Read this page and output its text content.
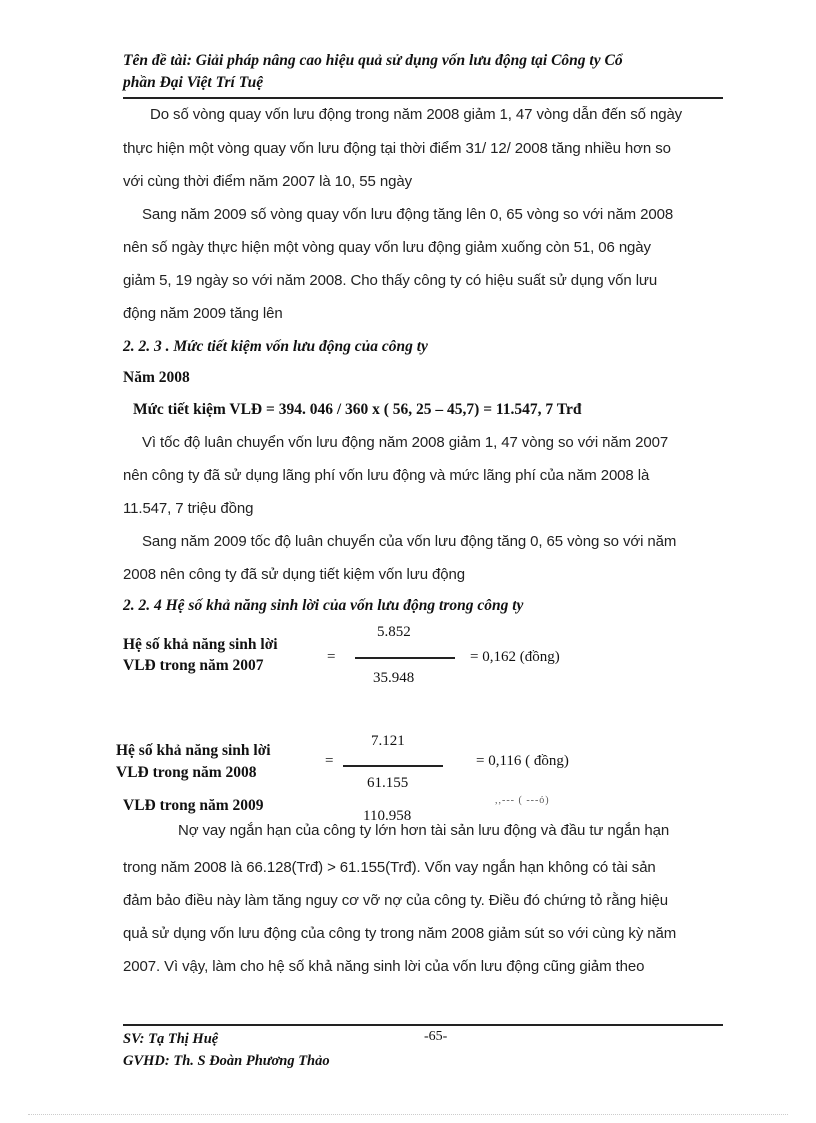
Tên đề tài: Giải pháp nâng cao hiệu quả sử dụng vốn lưu động tại Công ty Cổ
phần Đại Việt Trí Tuệ
Do số vòng quay vốn lưu động trong năm 2008 giảm 1, 47 vòng dẫn đến số ngày
thực hiện một vòng quay vốn lưu động tại thời điểm 31/ 12/ 2008 tăng nhiều hơn so
với cùng thời điểm năm 2007 là 10, 55 ngày
Sang năm 2009 số vòng quay vốn lưu động tăng lên 0, 65 vòng so với năm 2008
nên số ngày thực hiện một vòng quay vốn lưu động giảm xuống còn 51, 06 ngày
giảm 5, 19 ngày so với năm 2008. Cho thấy công ty có hiệu suất sử dụng vốn lưu
động năm 2009 tăng lên
2. 2. 3 . Mức tiết kiệm vốn lưu động của công ty
Năm 2008
Mức tiết kiệm VLĐ = 394. 046 / 360 x ( 56, 25 – 45,7) = 11.547, 7 Trđ
Vì tốc độ luân chuyển vốn lưu động năm 2008 giảm 1, 47 vòng so với năm 2007
nên công ty đã sử dụng lãng phí vốn lưu động và mức lãng phí của năm 2008 là
11.547, 7 triệu đồng
Sang năm 2009 tốc độ luân chuyển của vốn lưu động tăng 0, 65 vòng so với năm
2008 nên công ty đã sử dụng tiết kiệm vốn lưu động
2. 2. 4 Hệ số khả năng sinh lời của vốn lưu động trong công ty
Hệ số khả năng sinh lời
VLĐ trong năm 2007	=
5.852
35.948
= 0,162 (đồng)
Hệ số khả năng sinh lời
VLĐ trong năm 2008
=
7.121
61.155
= 0,116 ( đồng)
VLĐ trong năm 2009
110.958
,,--- ( ---ỏ)
Nợ vay ngắn hạn của công ty lớn hơn tài sản lưu động và đầu tư ngắn hạn
trong năm 2008 là 66.128(Trđ) > 61.155(Trđ). Vốn vay ngắn hạn không có tài sản
đảm bảo điều này làm tăng nguy cơ vỡ nợ của công ty. Điều đó chứng tỏ rằng hiệu
quả sử dụng vốn lưu động của công ty trong năm 2008 giảm sút so với cùng kỳ năm
2007. Vì vậy, làm cho hệ số khả năng sinh lời của vốn lưu động cũng giảm theo
SV: Tạ Thị Huệ	-65-
GVHD: Th. S Đoàn Phương Thảo
